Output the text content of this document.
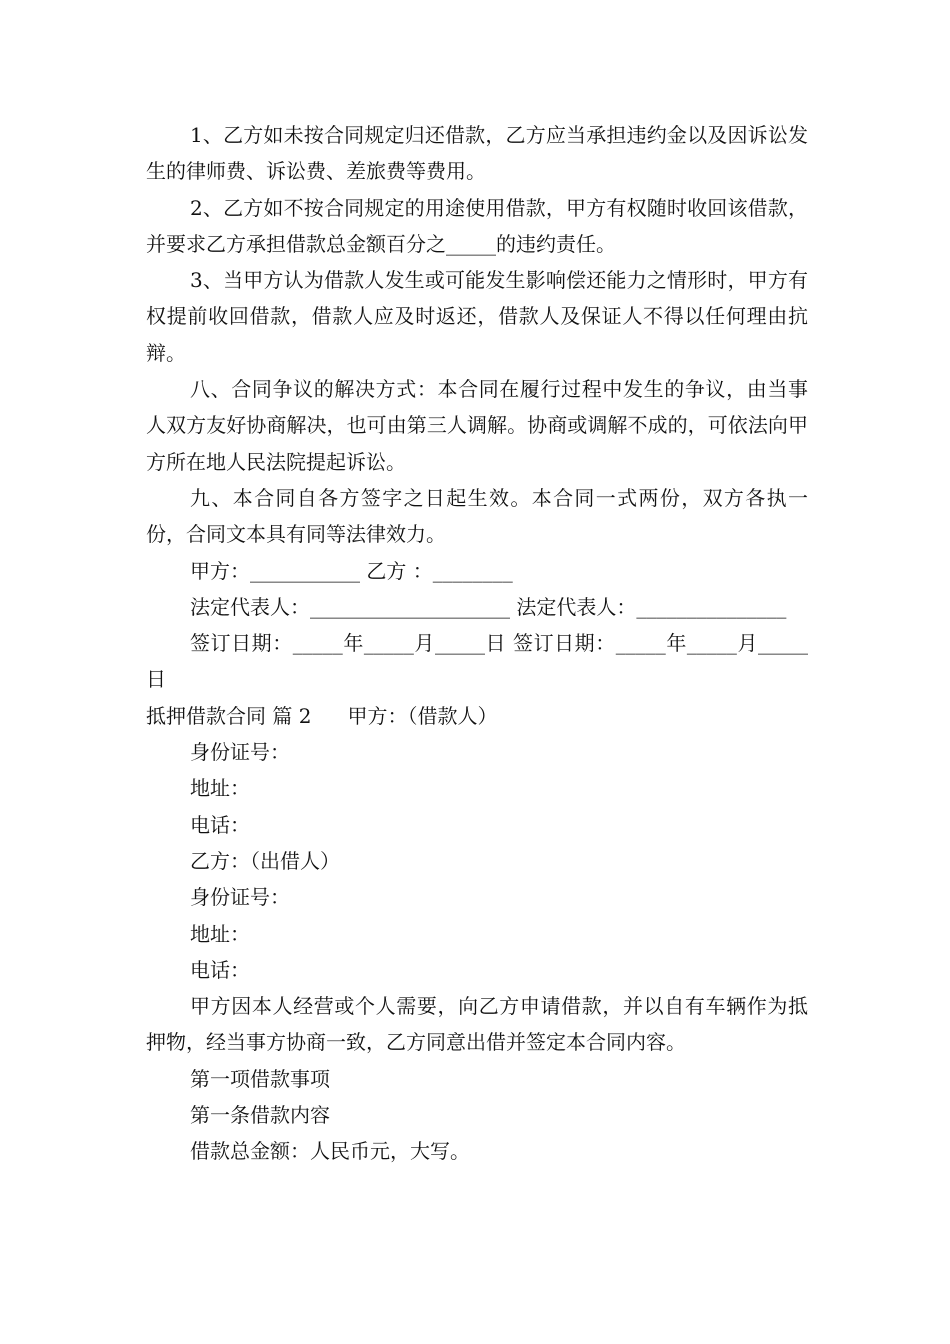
1、乙方如未按合同规定归还借款，乙方应当承担违约金以及因诉讼发生的律师费、诉讼费、差旅费等费用。

2、乙方如不按合同规定的用途使用借款，甲方有权随时收回该借款，并要求乙方承担借款总金额百分之_____的违约责任。

3、当甲方认为借款人发生或可能发生影响偿还能力之情形时，甲方有权提前收回借款，借款人应及时返还，借款人及保证人不得以任何理由抗辩。

八、合同争议的解决方式：本合同在履行过程中发生的争议，由当事人双方友好协商解决，也可由第三人调解。协商或调解不成的，可依法向甲方所在地人民法院提起诉讼。

九、本合同自各方签字之日起生效。本合同一式两份，双方各执一份，合同文本具有同等法律效力。

甲方：___________ 乙方 ：________

法定代表人：____________________ 法定代表人：_______________

签订日期：_____年_____月_____日 签订日期：_____年_____月_____日

抵押借款合同 篇 2 甲方：（借款人）

身份证号：

地址：

电话：

乙方：（出借人）

身份证号：

地址：

电话：

甲方因本人经营或个人需要，向乙方申请借款，并以自有车辆作为抵押物，经当事方协商一致，乙方同意出借并签定本合同内容。

第一项借款事项

第一条借款内容

借款总金额：人民币元，大写。
